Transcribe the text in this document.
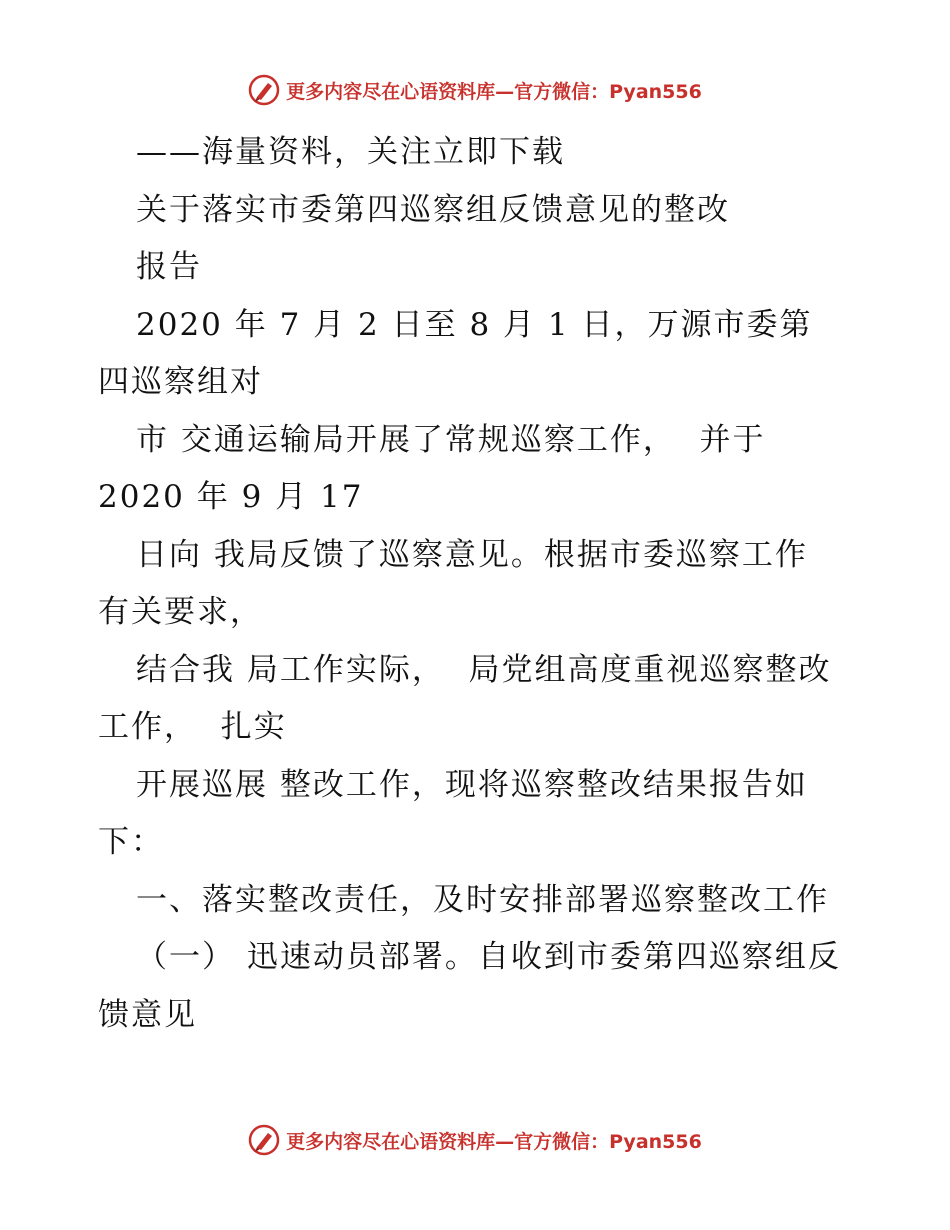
更多内容尽在心语资料库—官方微信：Pyan556
——海量资料，关注立即下载
关于落实市委第四巡察组反馈意见的整改
报告
2020 年 7 月 2 日至 8 月 1 日，万源市委第
四巡察组对
市 交通运输局开展了常规巡察工作，  并于
2020 年 9 月 17
日向 我局反馈了巡察意见。根据市委巡察工作
有关要求，
结合我 局工作实际，  局党组高度重视巡察整改
工作，  扎实
开展巡展 整改工作，现将巡察整改结果报告如
下：
一、落实整改责任，及时安排部署巡察整改工作
（一） 迅速动员部署。自收到市委第四巡察组反
馈意见
更多内容尽在心语资料库—官方微信：Pyan556
